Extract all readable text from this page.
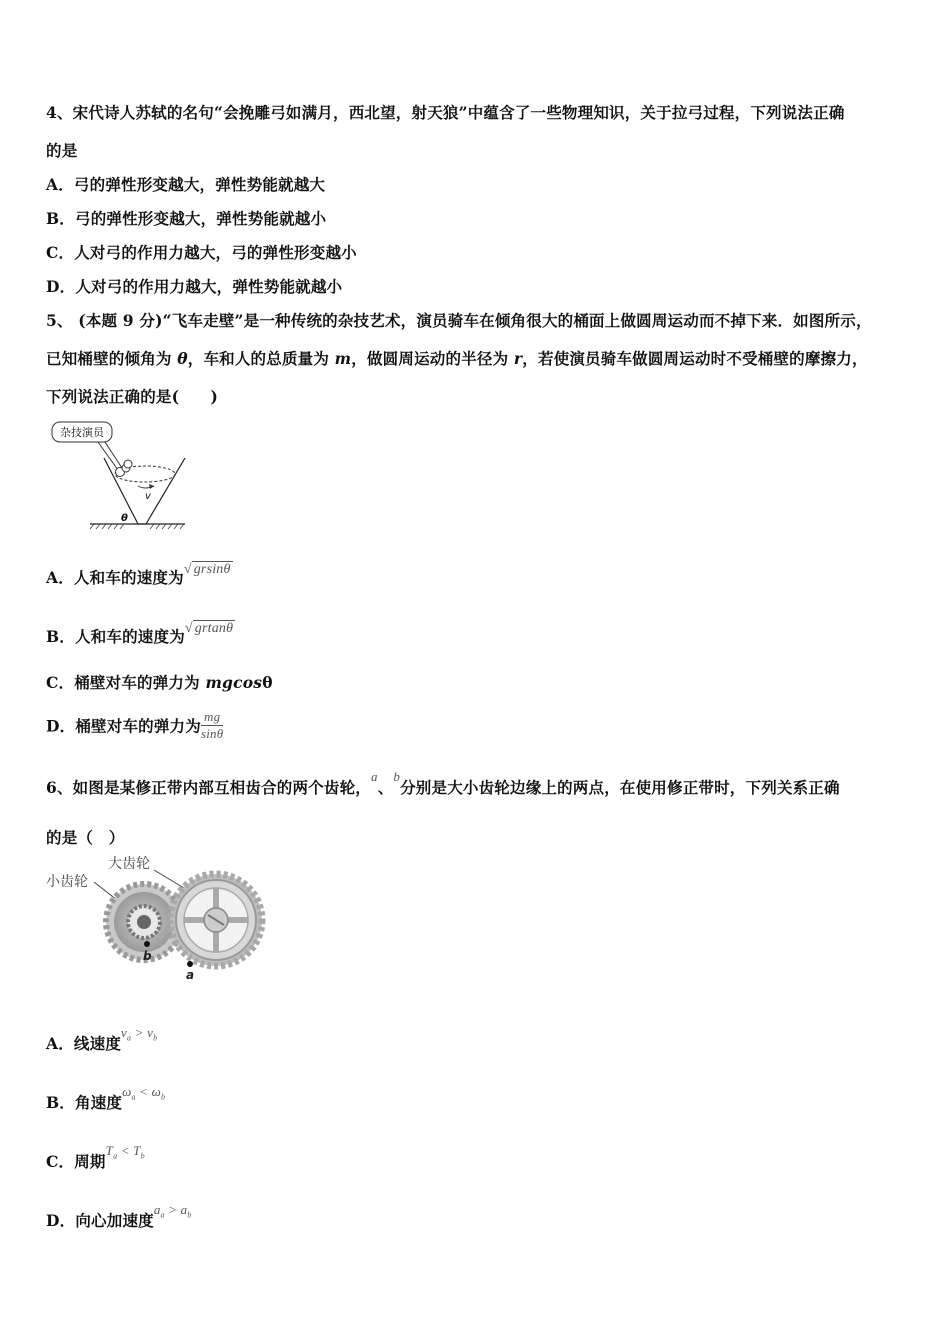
4、宋代诗人苏轼的名句“会挽雕弓如满月，西北望，射天狼”中蕴含了一些物理知识，关于拉弓过程，下列说法正确
的是
A．弓的弹性形变越大，弹性势能就越大
B．弓的弹性形变越大，弹性势能就越小
C．人对弓的作用力越大，弓的弹性形变越小
D．人对弓的作用力越大，弹性势能就越小
5、 (本题 9 分)“飞车走壁”是一种传统的杂技艺术，演员骑车在倾角很大的桶面上做圆周运动而不掉下来．如图所示，
已知桶壁的倾角为 θ，车和人的总质量为 m，做圆周运动的半径为 r，若使演员骑车做圆周运动时不受桶壁的摩擦力，
下列说法正确的是(　　)
杂技演员
v
θ
A．人和车的速度为√ grsinθ
B．人和车的速度为√ grtanθ
C．桶壁对车的弹力为 mgcosθ
D．桶壁对车的弹力为 $\frac{mg}{\sin\theta}$
6、如图是某修正带内部互相齿合的两个齿轮，$^a$、$^b$分别是大小齿轮边缘上的两点，在使用修正带时，下列关系正确
的是（　）
小齿轮
大齿轮
b
a
A．线速度$^{v_a > v_b}$
B．角速度$^{\omega_a < \omega_b}$
C．周期$^{T_a < T_b}$
D．向心加速度$^{a_a > a_b}$
